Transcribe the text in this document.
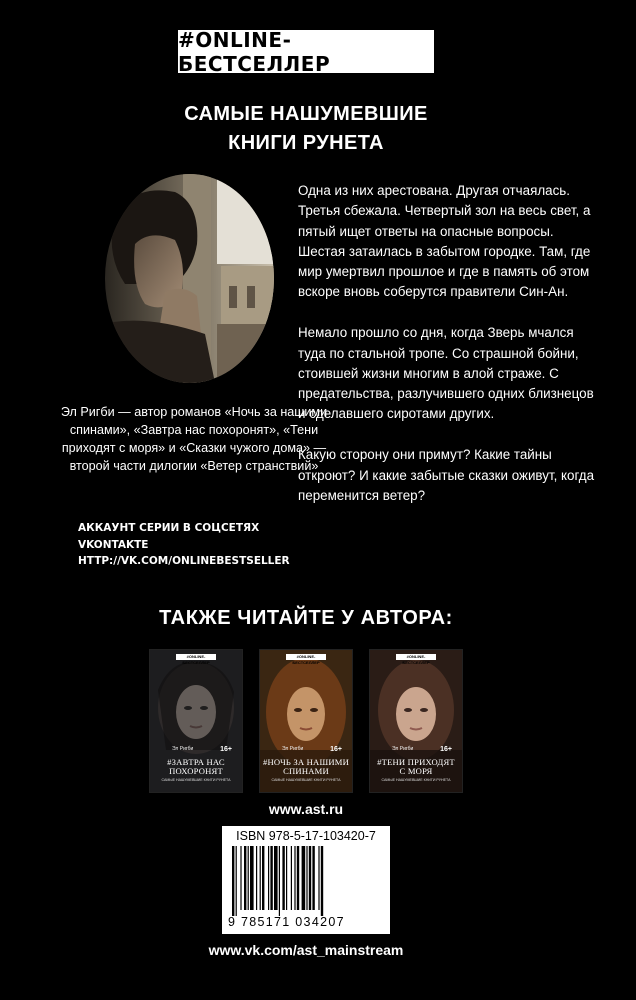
#ONLINE-БЕСТСЕЛЛЕР
САМЫЕ НАШУМЕВШИЕ
КНИГИ РУНЕТА
Эл Ригби — автор романов «Ночь за нашими спинами», «Завтра нас похоронят», «Тени приходят с моря» и «Сказки чужого дома» — второй части дилогии «Ветер странствий»
АККАУНТ СЕРИИ В СОЦСЕТЯХ
VKONTAKTE
HTTP://VK.COM/ONLINEBESTSELLER

Одна из них арестована. Другая отчаялась. Третья сбежала. Четвертый зол на весь свет, а пятый ищет ответы на опасные вопросы. Шестая затаилась в забытом городке. Там, где мир умертвил прошлое и где в память об этом вскоре вновь соберутся правители Син-Ан.

Немало прошло со дня, когда Зверь мчался туда по стальной тропе. Со страшной бойни, стоившей жизни многим в алой страже. С предательства, разлучившего одних близнецов и сделавшего сиротами других.

Какую сторону они примут? Какие тайны откроют? И какие забытые сказки оживут, когда переменится ветер?

ТАКЖЕ ЧИТАЙТЕ У АВТОРА:
#ONLINE-БЕСТСЕЛЛЕР
Эл Ригби	16+
#ЗАВТРА НАС
ПОХОРОНЯТ
САМЫЕ НАШУМЕВШИЕ КНИГИ РУНЕТА
#ONLINE-БЕСТСЕЛЛЕР
Эл Ригби	16+
#НОЧЬ ЗА НАШИМИ
СПИНАМИ
САМЫЕ НАШУМЕВШИЕ КНИГИ РУНЕТА
#ONLINE-БЕСТСЕЛЛЕР
Эл Ригби	16+
#ТЕНИ ПРИХОДЯТ
С МОРЯ
САМЫЕ НАШУМЕВШИЕ КНИГИ РУНЕТА
www.ast.ru
ISBN 978-5-17-103420-7
9 785171 034207
www.vk.com/ast_mainstream
